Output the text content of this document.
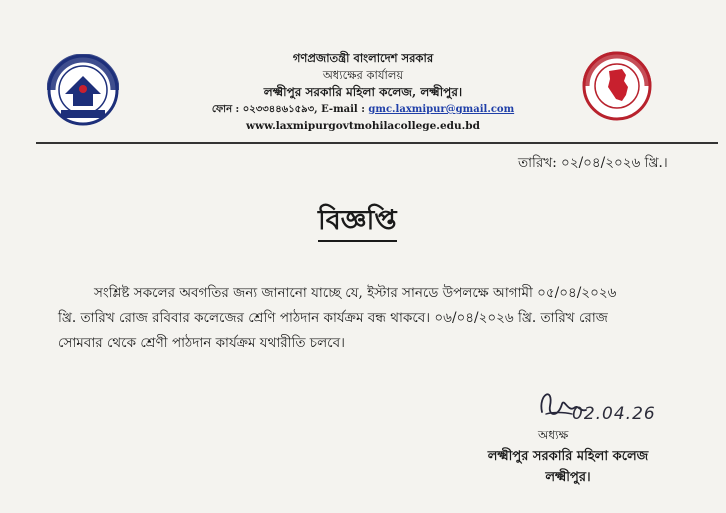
গণপ্রজাতন্ত্রী বাংলাদেশ সরকার
অধ্যক্ষের কার্যালয়
লক্ষ্মীপুর সরকারি মহিলা কলেজ, লক্ষ্মীপুর।
ফোন : ০২৩৩৪৪৬১৫৯৩, E-mail : gmc.laxmipur@gmail.com
www.laxmipurgovtmohilacollege.edu.bd
তারিখ: ০২/০৪/২০২৬ খ্রি.।
বিজ্ঞপ্তি
সংশ্লিষ্ট সকলের অবগতির জন্য জানানো যাচ্ছে যে, ইস্টার সানডে উপলক্ষে আগামী ০৫/০৪/২০২৬
খ্রি. তারিখ রোজ রবিবার কলেজের শ্রেণি পাঠদান কার্যক্রম বন্ধ থাকবে। ০৬/০৪/২০২৬ খ্রি. তারিখ রোজ
সোমবার থেকে শ্রেণী পাঠদান কার্যক্রম যথারীতি চলবে।
02.04.26
অধ্যক্ষ
লক্ষ্মীপুর সরকারি মহিলা কলেজ
লক্ষ্মীপুর।
